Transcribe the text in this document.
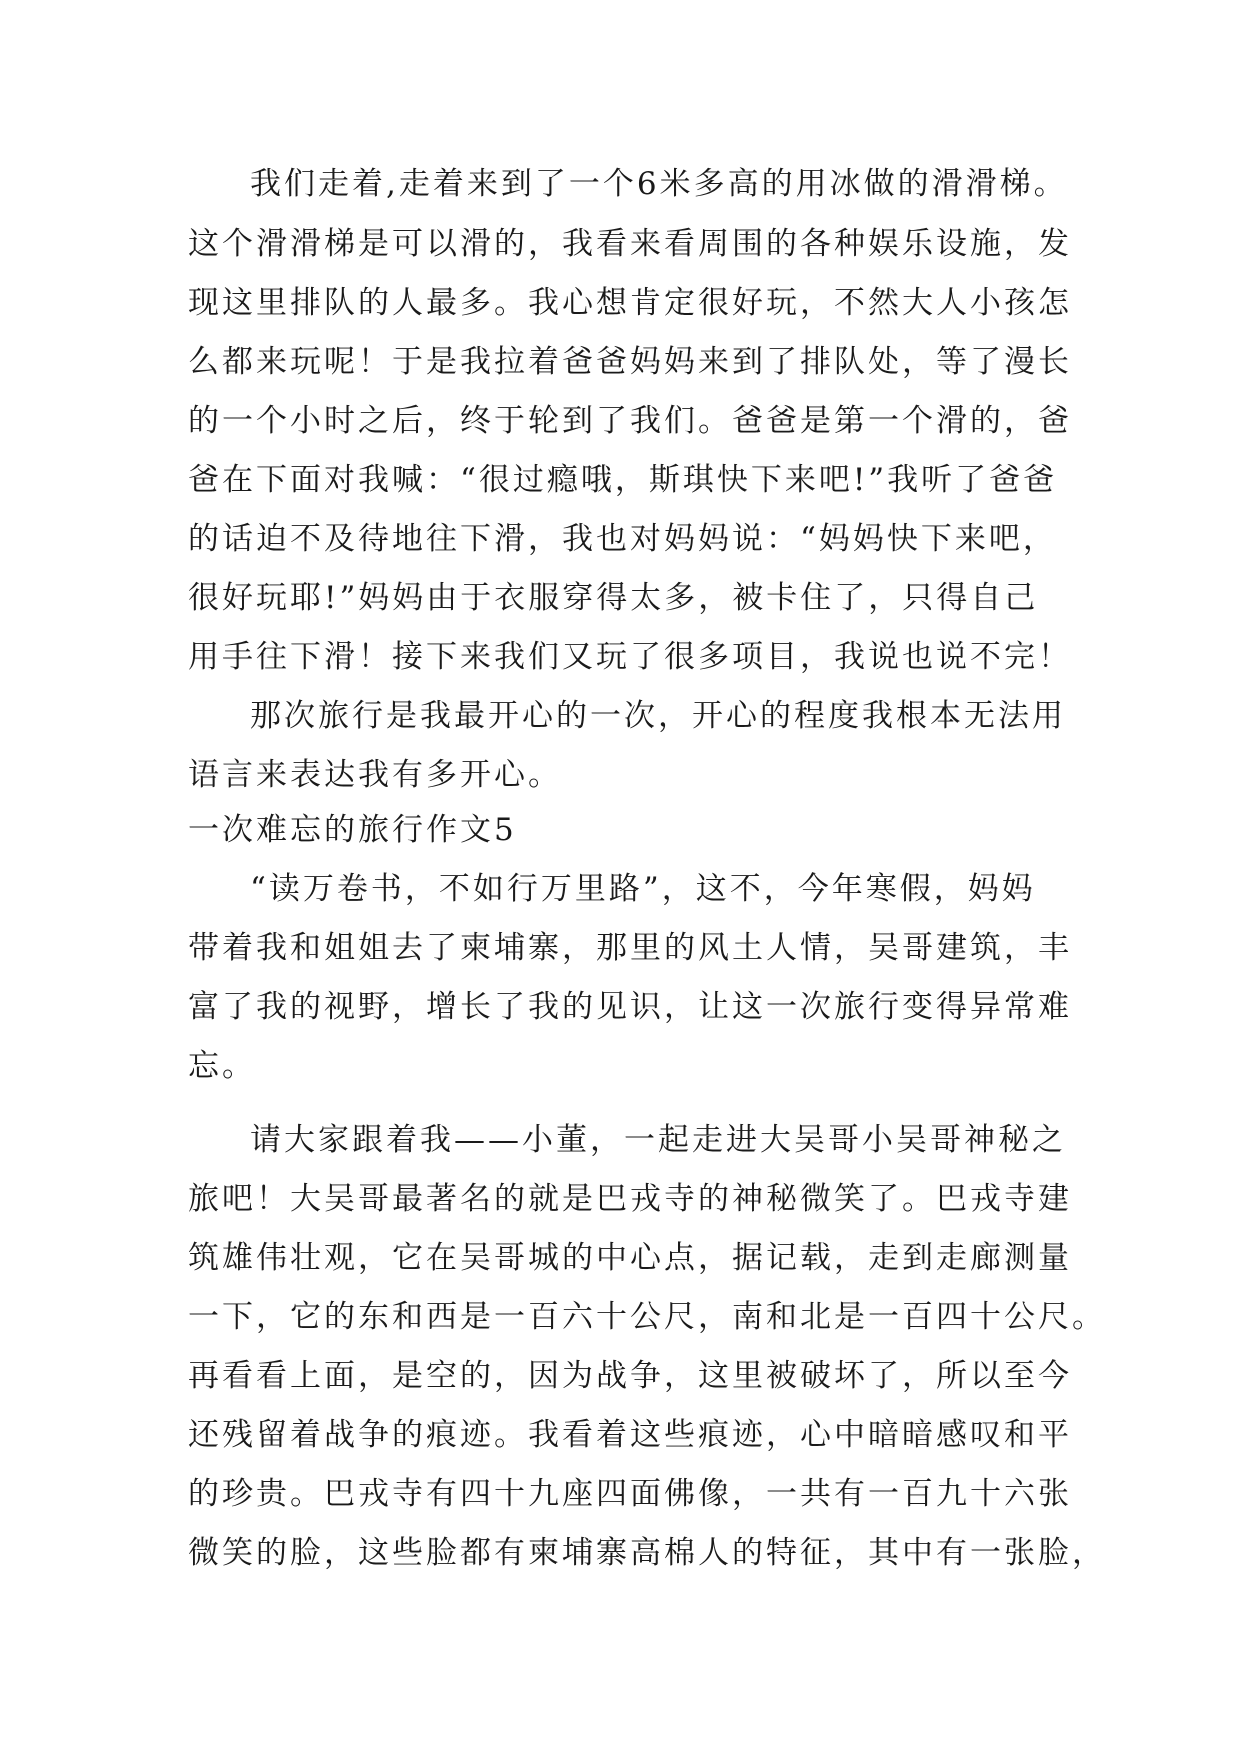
我们走着,走着来到了一个6米多高的用冰做的滑滑梯。
这个滑滑梯是可以滑的，我看来看周围的各种娱乐设施，发
现这里排队的人最多。我心想肯定很好玩，不然大人小孩怎
么都来玩呢！于是我拉着爸爸妈妈来到了排队处，等了漫长
的一个小时之后，终于轮到了我们。爸爸是第一个滑的，爸
爸在下面对我喊：“很过瘾哦，斯琪快下来吧!”我听了爸爸
的话迫不及待地往下滑，我也对妈妈说：“妈妈快下来吧，
很好玩耶!”妈妈由于衣服穿得太多，被卡住了，只得自己
用手往下滑！接下来我们又玩了很多项目，我说也说不完！
那次旅行是我最开心的一次，开心的程度我根本无法用
语言来表达我有多开心。
一次难忘的旅行作文5
“读万卷书，不如行万里路”，这不，今年寒假，妈妈
带着我和姐姐去了柬埔寨，那里的风土人情，吴哥建筑，丰
富了我的视野，增长了我的见识，让这一次旅行变得异常难
忘。
请大家跟着我——小董，一起走进大吴哥小吴哥神秘之
旅吧！大吴哥最著名的就是巴戎寺的神秘微笑了。巴戎寺建
筑雄伟壮观，它在吴哥城的中心点，据记载，走到走廊测量
一下，它的东和西是一百六十公尺，南和北是一百四十公尺。
再看看上面，是空的，因为战争，这里被破坏了，所以至今
还残留着战争的痕迹。我看着这些痕迹，心中暗暗感叹和平
的珍贵。巴戎寺有四十九座四面佛像，一共有一百九十六张
微笑的脸，这些脸都有柬埔寨高棉人的特征，其中有一张脸，
